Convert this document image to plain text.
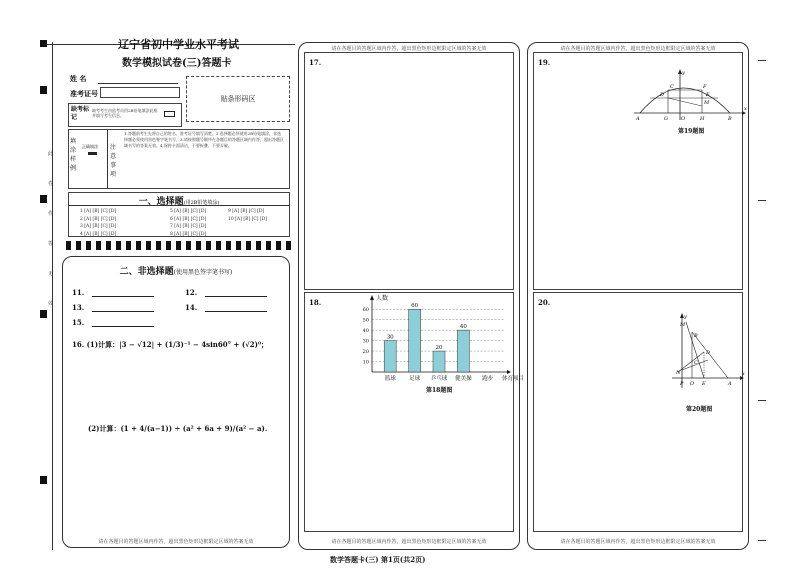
此
卷
作
答
无
效
辽宁省初中学业水平考试
数学模拟试卷(三)答题卡
姓 名
准考证号
贴条形码区
缺考标记
缺考考生由监考员用2B铅笔填涂此框并填写考生信息。
填涂样例
正确填涂 注意事项
1.答题前考生先将自己的姓名、准考证号填写清楚。2.选择题必须使用2B铅笔填涂，非选择题必须使用黑色签字笔书写。3.请按照题号顺序在各题目的答题区域内作答，超出答题区域书写的答案无效。4.保持卡面清洁，不要折叠、不要弄破。
一、选择题(用2B铅笔填涂)
1 [A] [B] [C] [D]
2 [A] [B] [C] [D]
3 [A] [B] [C] [D]
4 [A] [B] [C] [D]
5 [A] [B] [C] [D]
6 [A] [B] [C] [D]
7 [A] [B] [C] [D]
8 [A] [B] [C] [D]
9 [A] [B] [C] [D]
10 [A] [B] [C] [D]
二、非选择题(使用黑色签字笔书写)
11.	12.
13.	14.
15.
16. (1)计算：|3 − √12| + (1/3)⁻¹ − 4sin60° + (√2)⁰；
(2)计算：(1 + 4/(a−1)) ÷ (a² + 6a + 9)/(a² − a).
请在各题目的答题区域内作答，超出黑色矩形边框限定区域的答案无效
请在各题目的答题区域内作答，超出黑色矩形边框限定区域的答案无效
17.
18.
10
20
30
40
50
60
人数
30
篮球
60
足球
20
乒乓球
40
健美操 跑步 体育项目
第18题图
请在各题目的答题区域内作答，超出黑色矩形边框限定区域的答案无效
请在各题目的答题区域内作答，超出黑色矩形边框限定区域的答案无效
19.
y
x
A	G	O	H	B
D
C	F
E
M
第19题图
20.
y
x
M
B
D
C
N
P O E	A
第20题图
请在各题目的答题区域内作答，超出黑色矩形边框限定区域的答案无效
数学答题卡(三) 第1页(共2页)
